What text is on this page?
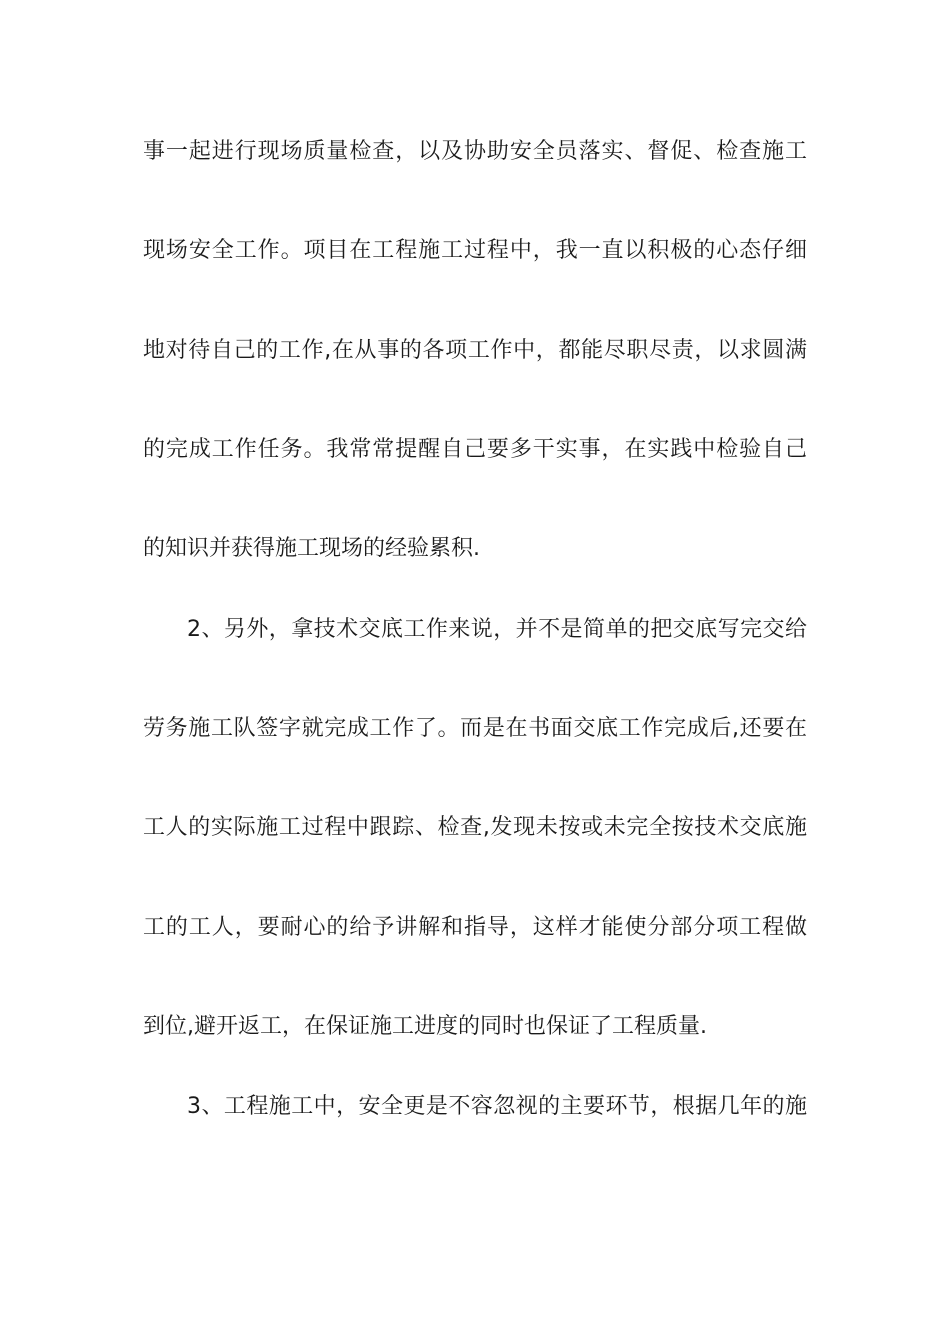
事一起进行现场质量检查，以及协助安全员落实、督促、检查施工
现场安全工作。项目在工程施工过程中，我一直以积极的心态仔细
地对待自己的工作,在从事的各项工作中，都能尽职尽责，以求圆满
的完成工作任务。我常常提醒自己要多干实事，在实践中检验自己
的知识并获得施工现场的经验累积.
2、另外，拿技术交底工作来说，并不是简单的把交底写完交给
劳务施工队签字就完成工作了。而是在书面交底工作完成后,还要在
工人的实际施工过程中跟踪、检查,发现未按或未完全按技术交底施
工的工人，要耐心的给予讲解和指导，这样才能使分部分项工程做
到位,避开返工，在保证施工进度的同时也保证了工程质量.
3、工程施工中，安全更是不容忽视的主要环节，根据几年的施
